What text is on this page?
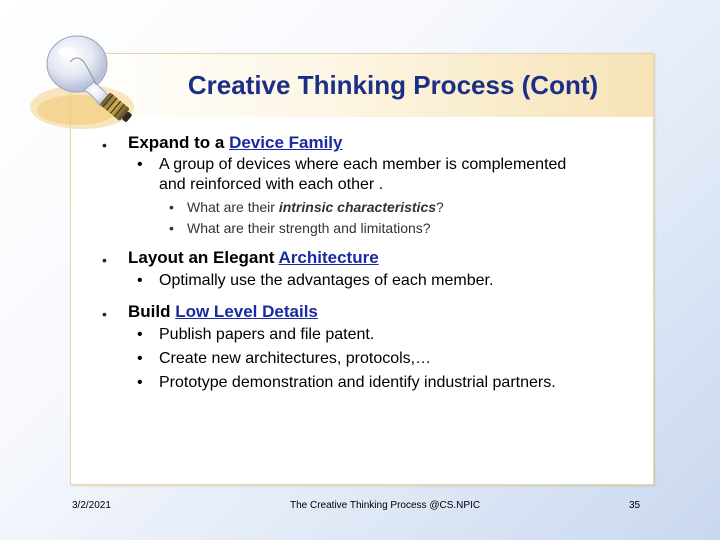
Creative Thinking Process (Cont)
• Expand to a Device Family
• A group of devices where each member is complemented
and reinforced with each other .
• What are their intrinsic characteristics?
• What are their strength and limitations?
• Layout an Elegant Architecture
• Optimally use the advantages of each member.
• Build Low Level Details
• Publish papers and file patent.
• Create new architectures, protocols,…
• Prototype demonstration and identify industrial partners.
3/2/2021	The Creative Thinking Process @CS.NPIC	35
